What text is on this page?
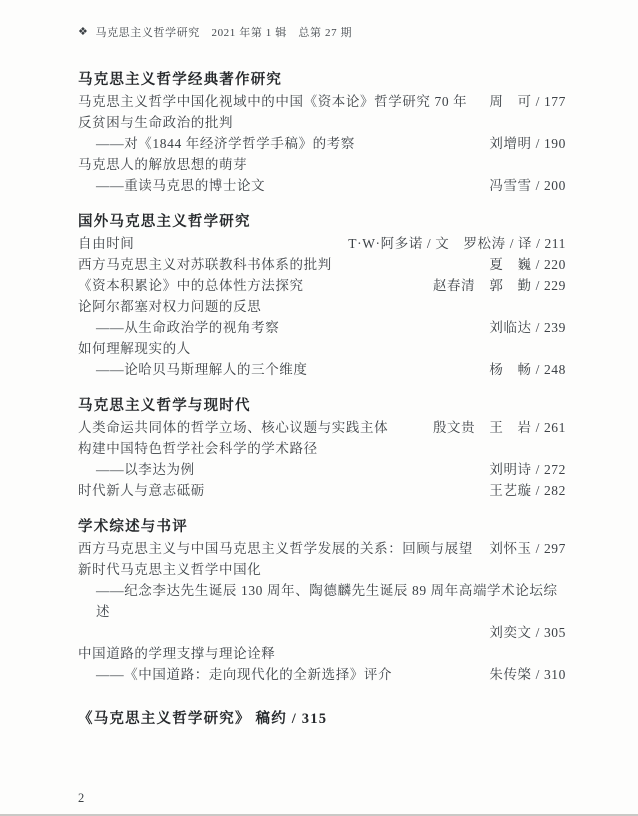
❖ 马克思主义哲学研究　2021 年第 1 辑　总第 27 期
马克思主义哲学经典著作研究
马克思主义哲学中国化视域中的中国《资本论》哲学研究 70 年 周　可 / 177
反贫困与生命政治的批判
——对《1844 年经济学哲学手稿》的考察	刘增明 / 190
马克思人的解放思想的萌芽
——重读马克思的博士论文	冯雪雪 / 200
国外马克思主义哲学研究
自由时间	T·W·阿多诺 / 文　罗松涛 / 译 / 211
西方马克思主义对苏联教科书体系的批判	夏　巍 / 220
《资本积累论》中的总体性方法探究	赵春清　郭　勤 / 229
论阿尔都塞对权力问题的反思
——从生命政治学的视角考察	刘临达 / 239
如何理解现实的人
——论哈贝马斯理解人的三个维度	杨　畅 / 248
马克思主义哲学与现时代
人类命运共同体的哲学立场、核心议题与实践主体	殷文贵　王　岩 / 261
构建中国特色哲学社会科学的学术路径
——以李达为例	刘明诗 / 272
时代新人与意志砥砺	王艺璇 / 282
学术综述与书评
西方马克思主义与中国马克思主义哲学发展的关系：回顾与展望 刘怀玉 / 297
新时代马克思主义哲学中国化
——纪念李达先生诞辰 130 周年、陶德麟先生诞辰 89 周年高端学术论坛综述
刘奕文 / 305
中国道路的学理支撑与理论诠释
——《中国道路：走向现代化的全新选择》评介	朱传棨 / 310
《马克思主义哲学研究》 稿约 / 315
2
